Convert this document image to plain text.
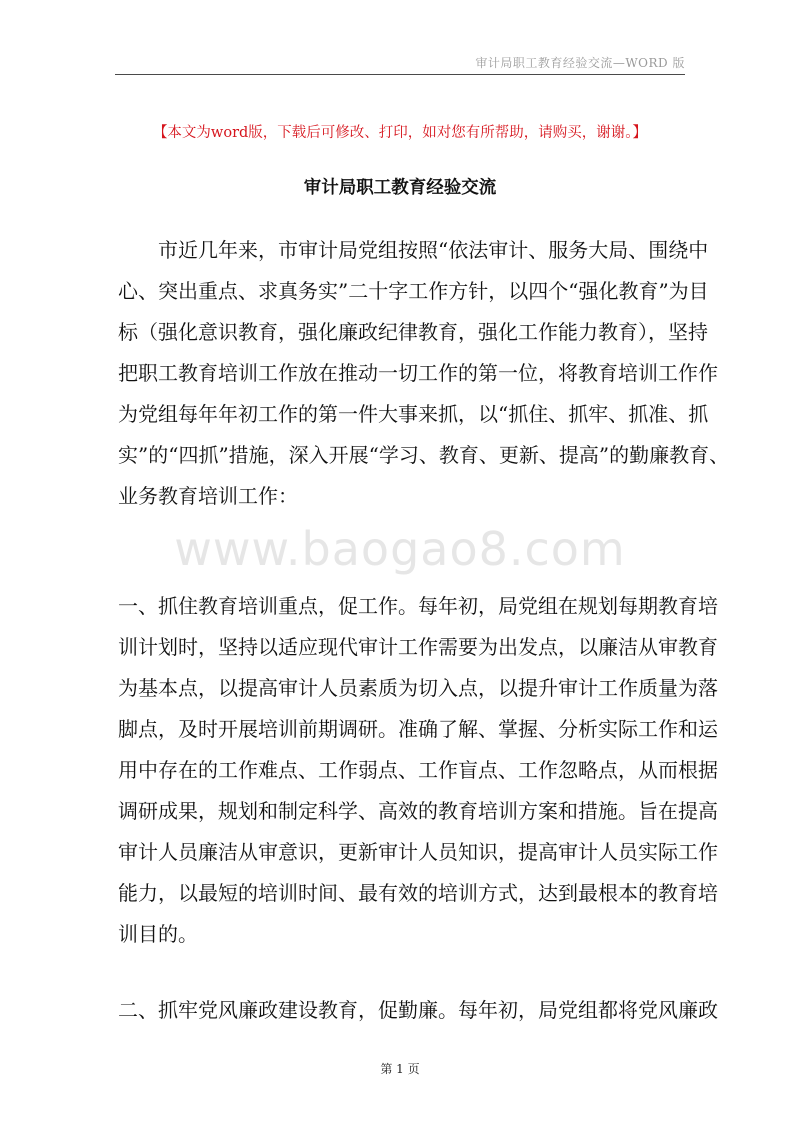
审计局职工教育经验交流—WORD 版
【本文为word版，下载后可修改、打印，如对您有所帮助，请购买，谢谢。】
审计局职工教育经验交流
www.baogao8.com
　　市近几年来，市审计局党组按照“依法审计、服务大局、围绕中
心、突出重点、求真务实”二十字工作方针，以四个“强化教育”为目
标（强化意识教育，强化廉政纪律教育，强化工作能力教育），坚持
把职工教育培训工作放在推动一切工作的第一位，将教育培训工作作
为党组每年年初工作的第一件大事来抓，以“抓住、抓牢、抓准、抓
实”的“四抓”措施，深入开展“学习、教育、更新、提高”的勤廉教育、
业务教育培训工作：
一、抓住教育培训重点，促工作。每年初，局党组在规划每期教育培
训计划时，坚持以适应现代审计工作需要为出发点，以廉洁从审教育
为基本点，以提高审计人员素质为切入点，以提升审计工作质量为落
脚点，及时开展培训前期调研。准确了解、掌握、分析实际工作和运
用中存在的工作难点、工作弱点、工作盲点、工作忽略点，从而根据
调研成果，规划和制定科学、高效的教育培训方案和措施。旨在提高
审计人员廉洁从审意识，更新审计人员知识，提高审计人员实际工作
能力，以最短的培训时间、最有效的培训方式，达到最根本的教育培
训目的。
二、抓牢党风廉政建设教育，促勤廉。每年初，局党组都将党风廉政
第 1 页
